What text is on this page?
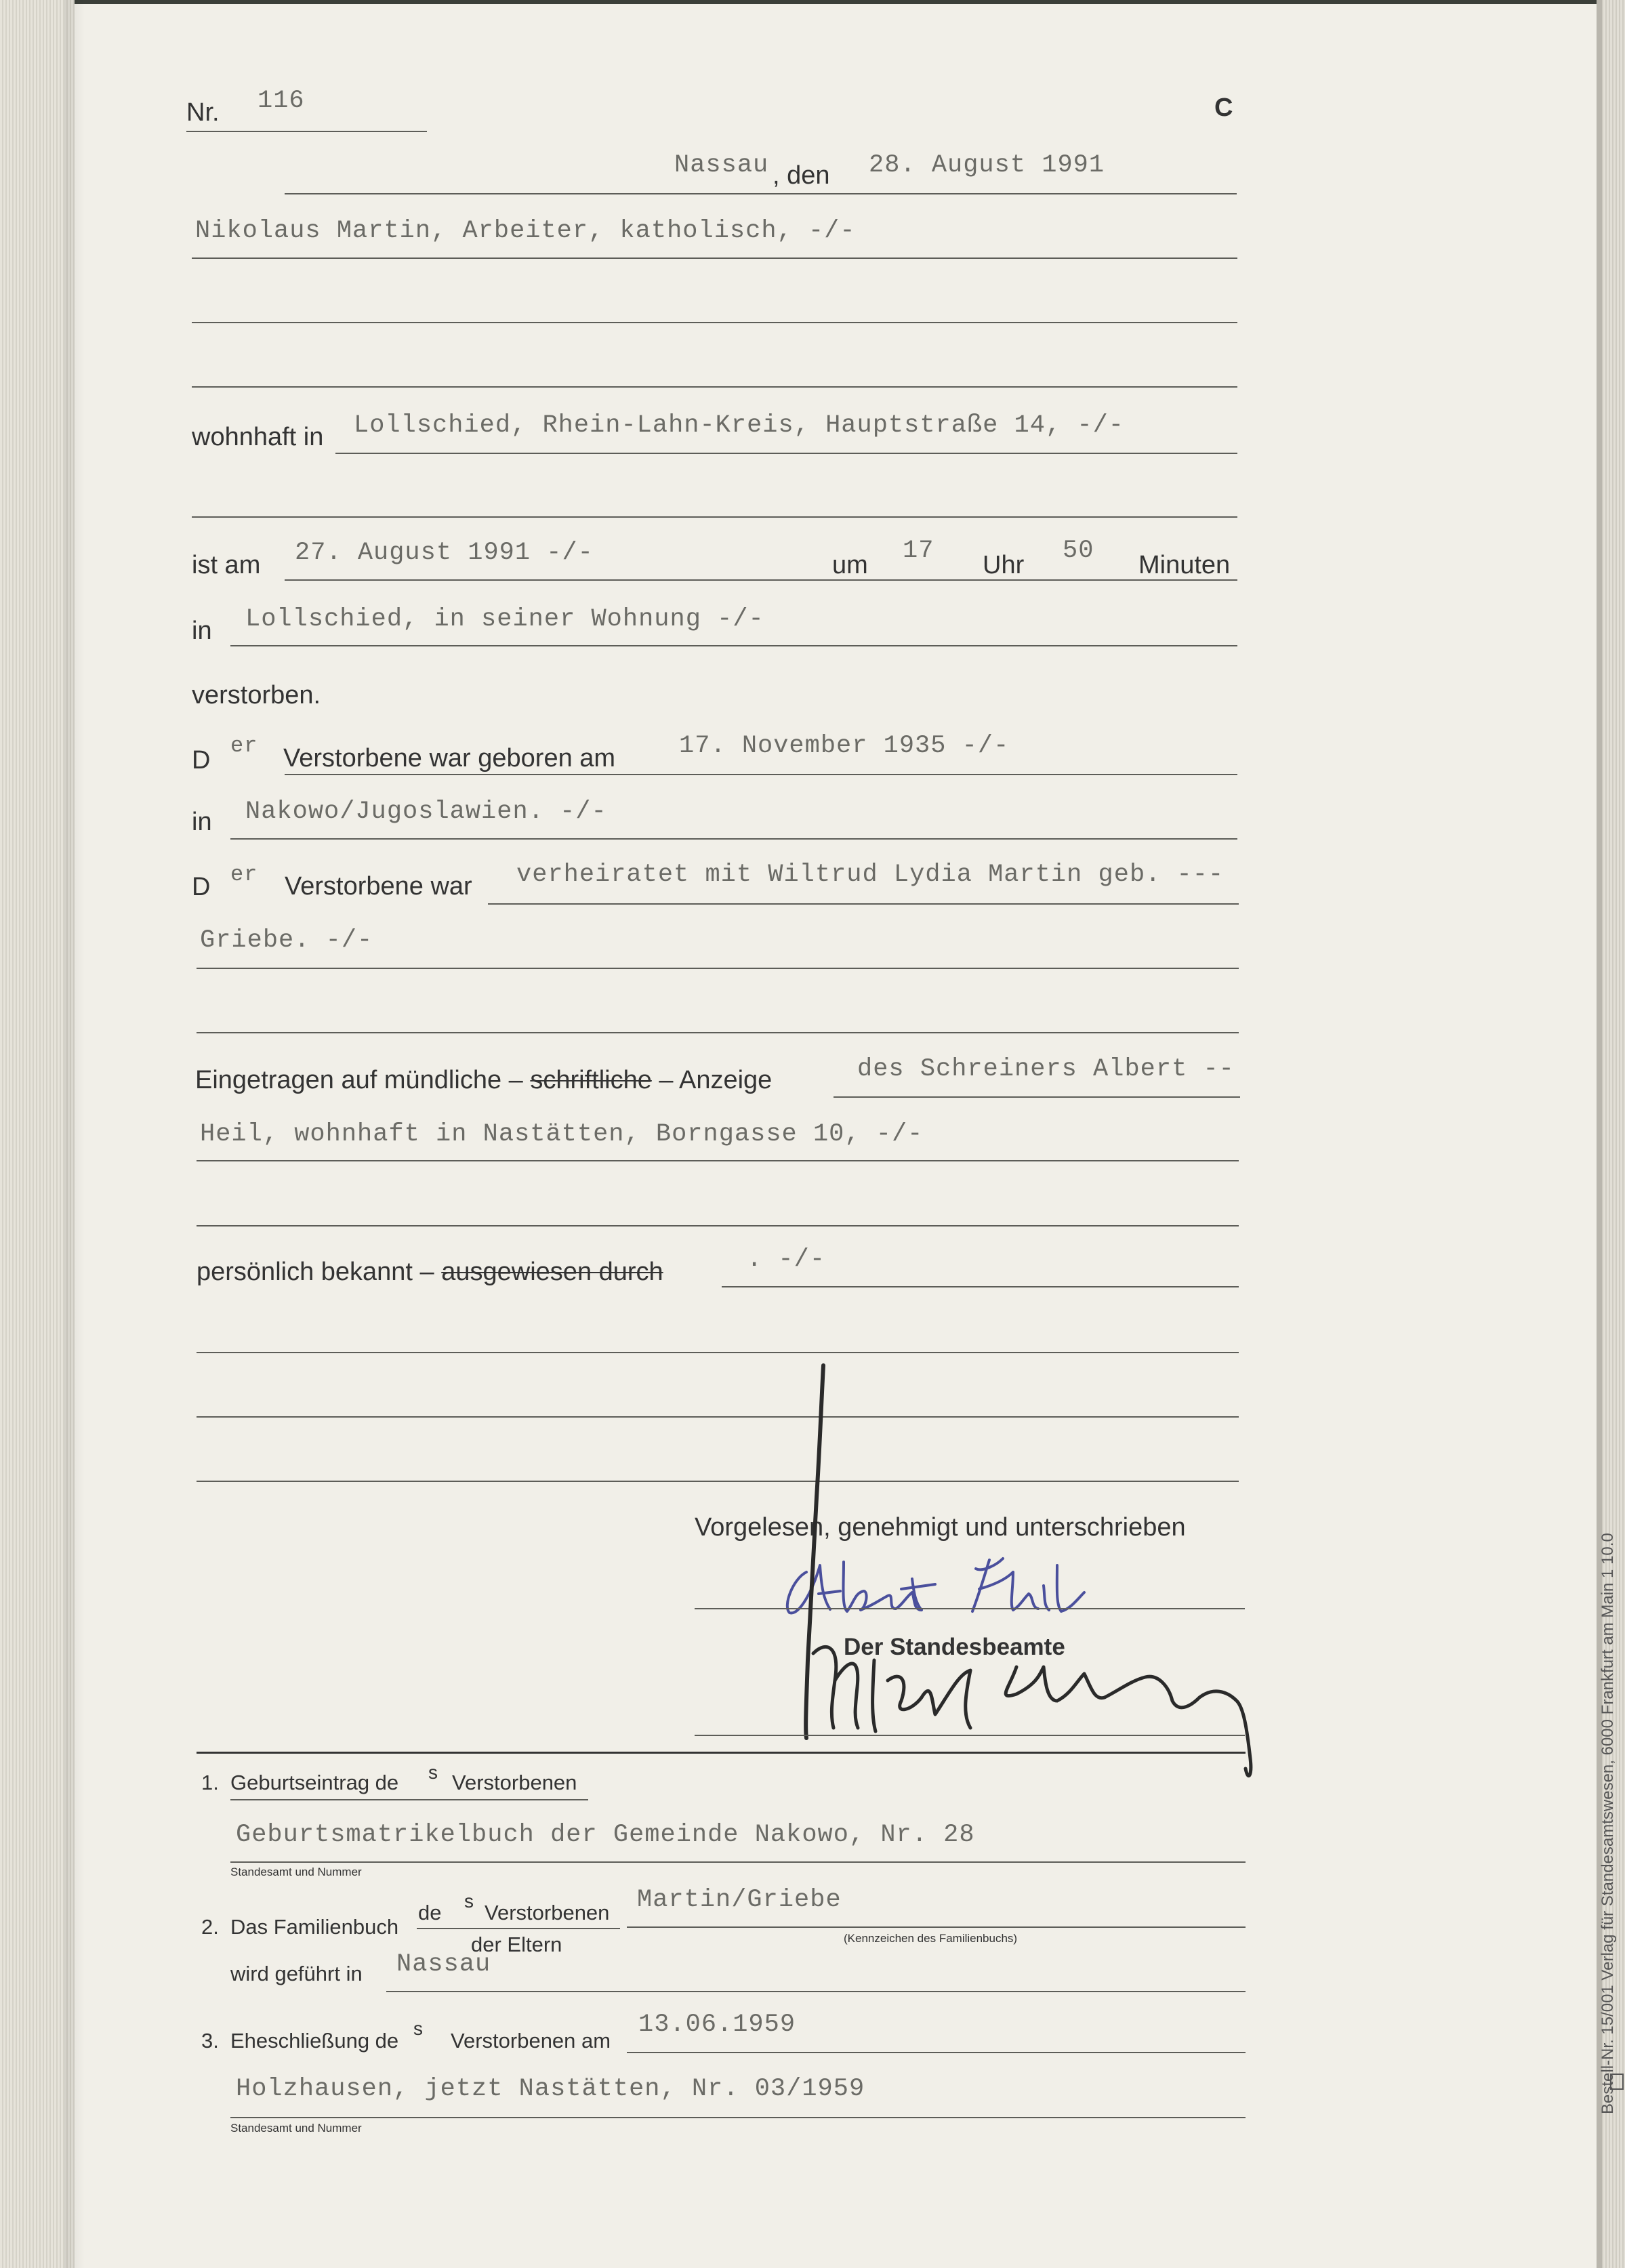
Nr. 116	C
Nassau , den 28. August 1991
Nikolaus Martin, Arbeiter, katholisch, -/-
wohnhaft in Lollschied, Rhein-Lahn-Kreis, Hauptstraße 14, -/-
ist am 27. August 1991 -/-	um 17 Uhr 50 Minuten
in Lollschied, in seiner Wohnung -/-
verstorben.
D
er Verstorbene war geboren am	17. November 1935 -/-
in Nakowo/Jugoslawien. -/-
D er Verstorbene war verheiratet mit Wiltrud Lydia Martin geb. ---
Griebe. -/-
Eingetragen auf mündliche – schriftliche – Anzeige	des Schreiners Albert --
Heil, wohnhaft in Nastätten, Borngasse 10, -/-
persönlich bekannt – ausgewiesen durch	. -/-
Vorgelesen, genehmigt und unterschrieben
Der Standesbeamte
1. Geburtseintrag de s Verstorbenen
Geburtsmatrikelbuch der Gemeinde Nakowo, Nr. 28
Standesamt und Nummer
2. Das Familienbuch
de s Verstorbenen
der Eltern
Martin/Griebe
(Kennzeichen des Familienbuchs)
wird geführt in Nassau
3. Eheschließung de
s
Verstorbenen am
13.06.1959
Holzhausen, jetzt Nastätten, Nr. 03/1959
Standesamt und Nummer
Bestell-Nr. 15/001 Verlag für Standesamtswesen, 6000 Frankfurt am Main 1 10.0
